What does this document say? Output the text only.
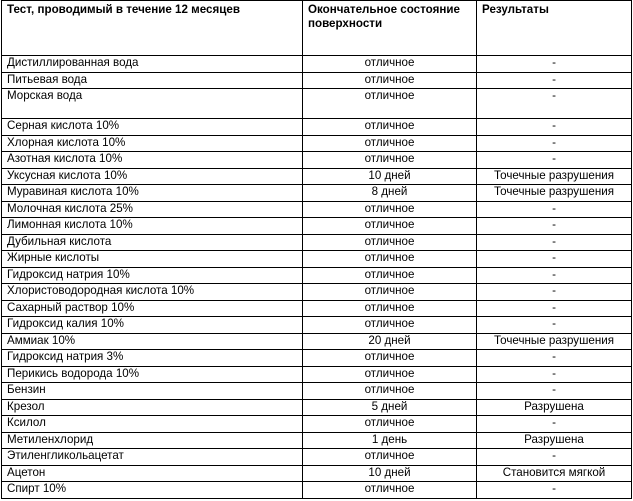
Тест, проводимый в течение 12 месяцев	Окончательное состояние поверхности	Результаты
Дистиллированная вода	отличное	-
Питьевая вода	отличное	-
Морская вода	отличное	-
Серная кислота 10%	отличное	-
Хлорная кислота 10%	отличное	-
Азотная кислота 10%	отличное	-
Уксусная кислота 10%	10 дней	Точечные разрушения
Муравиная кислота 10%	8 дней	Точечные разрушения
Молочная кислота 25%	отличное	-
Лимонная кислота 10%	отличное	-
Дубильная кислота	отличное	-
Жирные кислоты	отличное	-
Гидроксид натрия 10%	отличное	-
Хлористоводородная кислота 10%	отличное	-
Сахарный раствор 10%	отличное	-
Гидроксид калия 10%	отличное	-
Аммиак 10%	20 дней	Точечные разрушения
Гидроксид натрия 3%	отличное	-
Перикись водорода 10%	отличное	-
Бензин	отличное	-
Крезол	5 дней	Разрушена
Ксилол	отличное	-
Метиленхлорид	1 день	Разрушена
Этиленгликольацетат	отличное	-
Ацетон	10 дней	Становится мягкой
Спирт 10%	отличное	-
